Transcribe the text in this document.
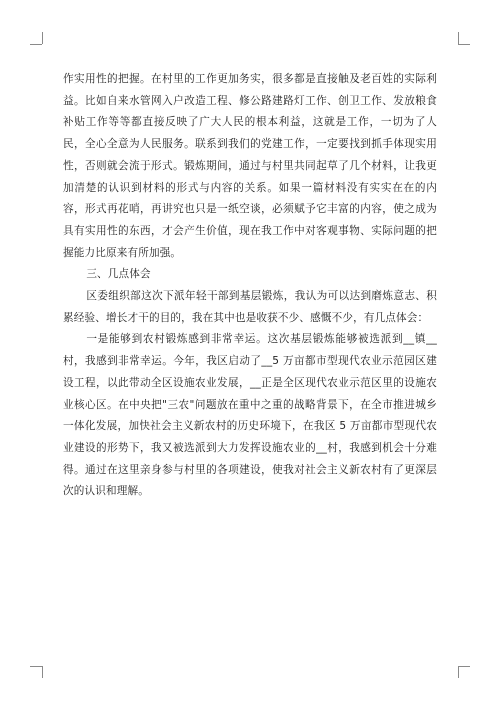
作实用性的把握。在村里的工作更加务实，很多都是直接触及老百姓的实际利益。比如自来水管网入户改造工程、修公路建路灯工作、创卫工作、发放粮食补贴工作等等都直接反映了广大人民的根本利益，这就是工作，一切为了人民，全心全意为人民服务。联系到我们的党建工作，一定要找到抓手体现实用性，否则就会流于形式。锻炼期间，通过与村里共同起草了几个材料，让我更加清楚的认识到材料的形式与内容的关系。如果一篇材料没有实实在在的内容，形式再花哨，再讲究也只是一纸空谈，必须赋予它丰富的内容，使之成为具有实用性的东西，才会产生价值，现在我工作中对客观事物、实际问题的把握能力比原来有所加强。

三、几点体会

区委组织部这次下派年轻干部到基层锻炼，我认为可以达到磨炼意志、积累经验、增长才干的目的，我在其中也是收获不少、感慨不少，有几点体会：

一是能够到农村锻炼感到非常幸运。这次基层锻炼能够被选派到__镇__村，我感到非常幸运。今年，我区启动了__5 万亩都市型现代农业示范园区建设工程，以此带动全区设施农业发展，__正是全区现代农业示范区里的设施农业核心区。在中央把"三农"问题放在重中之重的战略背景下，在全市推进城乡一体化发展，加快社会主义新农村的历史环境下，在我区 5 万亩都市型现代农业建设的形势下，我又被选派到大力发挥设施农业的__村，我感到机会十分难得。通过在这里亲身参与村里的各项建设，使我对社会主义新农村有了更深层次的认识和理解。
